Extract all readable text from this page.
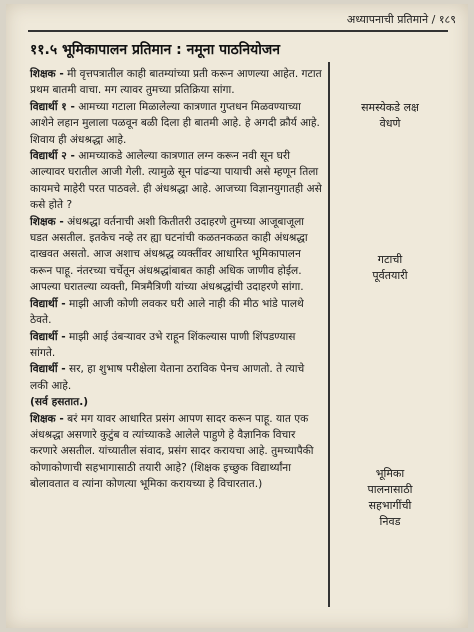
अध्यापनाची प्रतिमाने / १८९
११.५ भूमिकापालन प्रतिमान : नमूना पाठनियोजन

शिक्षक - मी वृत्तपत्रातील काही बातम्यांच्या प्रती करून आणल्या आहेत. गटात प्रथम बातमी वाचा. मग त्यावर तुमच्या प्रतिक्रिया सांगा.

विद्यार्थी १ - आमच्या गटाला मिळालेल्या कात्रणात गुप्तधन मिळवण्याच्या आशेने लहान मुलाला पळवून बळी दिला ही बातमी आहे. हे अगदी क्रौर्य आहे. शिवाय ही अंधश्रद्धा आहे.

विद्यार्थी २ - आमच्याकडे आलेल्या कात्रणात लग्न करून नवी सून घरी आल्यावर घरातील आजी गेली. त्यामुळे सून पांढऱ्या पायाची असे म्हणून तिला कायमचे माहेरी परत पाठवले. ही अंधश्रद्धा आहे. आजच्या विज्ञानयुगातही असे कसे होते ?

शिक्षक - अंधश्रद्धा वर्तनाची अशी कितीतरी उदाहरणे तुमच्या आजूबाजूला घडत असतील. इतकेच नव्हे तर ह्या घटनांची कळतनकळत काही अंधश्रद्धा दाखवत असतो. आज अशाच अंधश्रद्ध व्यक्तींवर आधारित भूमिकापालन करून पाहू. नंतरच्या चर्चेतून अंधश्रद्धांबाबत काही अधिक जाणीव होईल. आपल्या घरातल्या व्यक्ती, मित्रमैत्रिणी यांच्या अंधश्रद्धांची उदाहरणे सांगा.

विद्यार्थी - माझी आजी कोणी लवकर घरी आले नाही की मीठ भांडे पालथे ठेवते.

विद्यार्थी - माझी आई उंबऱ्यावर उभे राहून शिंकल्यास पाणी शिंपडण्यास सांगते.

विद्यार्थी - सर, हा शुभाष परीक्षेला येताना ठराविक पेनच आणतो. ते त्याचे लकी आहे.

(सर्व हसतात.)

शिक्षक - बरं मग यावर आधारित प्रसंग आपण सादर करून पाहू. यात एक अंधश्रद्धा असणारे कुटुंब व त्यांच्याकडे आलेले पाहुणे हे वैज्ञानिक विचार करणारे असतील. यांच्यातील संवाद, प्रसंग सादर करायचा आहे. तुमच्यापैकी कोणाकोणाची सहभागासाठी तयारी आहे? (शिक्षक इच्छुक विद्यार्थ्यांना बोलावतात व त्यांना कोणत्या भूमिका करायच्या हे विचारतात.)

समस्येकडे लक्ष
वेधणे
गटाची
पूर्वतयारी
भूमिका
पालनासाठी
सहभागींची
निवड
